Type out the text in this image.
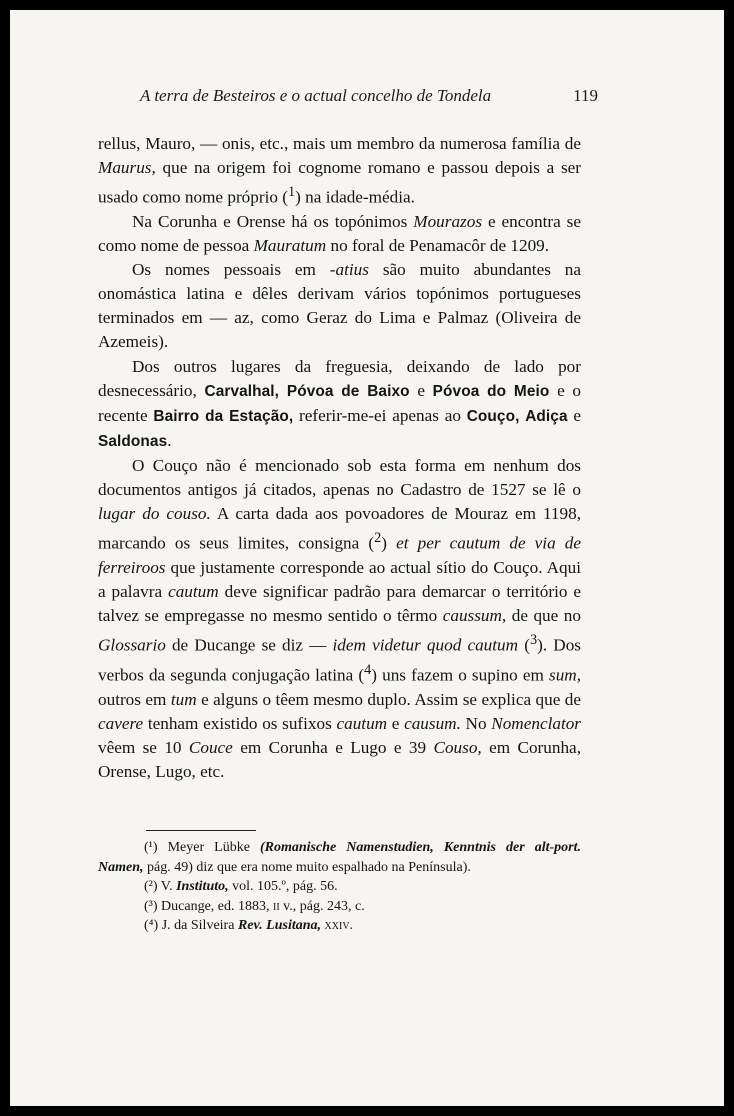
A terra de Besteiros e o actual concelho de Tondela	119

rellus, Mauro, — onis, etc., mais um membro da numerosa família de Maurus, que na origem foi cognome romano e passou depois a ser usado como nome próprio ($^1$) na idade-média.

Na Corunha e Orense há os topónimos Mourazos e encontra se como nome de pessoa Mauratum no foral de Penamacôr de 1209.

Os nomes pessoais em -atius são muito abundantes na onomástica latina e dêles derivam vários topónimos portugueses terminados em — az, como Geraz do Lima e Palmaz (Oliveira de Azemeis).

Dos outros lugares da freguesia, deixando de lado por desnecessário, Carvalhal, Póvoa de Baixo e Póvoa do Meio e o recente Bairro da Estação, referir-me-ei apenas ao Couço, Adiça e Saldonas.

O Couço não é mencionado sob esta forma em nenhum dos documentos antigos já citados, apenas no Cadastro de 1527 se lê o lugar do couso. A carta dada aos povoadores de Mouraz em 1198, marcando os seus limites, consigna ($^2$) et per cautum de via de ferreiroos que justamente corresponde ao actual sítio do Couço. Aqui a palavra cautum deve significar padrão para demarcar o território e talvez se empregasse no mesmo sentido o têrmo caussum, de que no Glossario de Ducange se diz — idem videtur quod cautum ($^3$). Dos verbos da segunda conjugação latina ($^4$) uns fazem o supino em sum, outros em tum e alguns o têem mesmo duplo. Assim se explica que de cavere tenham existido os sufixos cautum e causum. No Nomenclator vêem se 10 Couce em Corunha e Lugo e 39 Couso, em Corunha, Orense, Lugo, etc.

(¹) Meyer Lübke (Romanische Namenstudien, Kenntnis der alt-port. Namen, pág. 49) diz que era nome muito espalhado na Península).

(²) V. Instituto, vol. 105.º, pág. 56.

(³) Ducange, ed. 1883, ii v., pág. 243, c.

(⁴) J. da Silveira Rev. Lusitana, xxiv.
